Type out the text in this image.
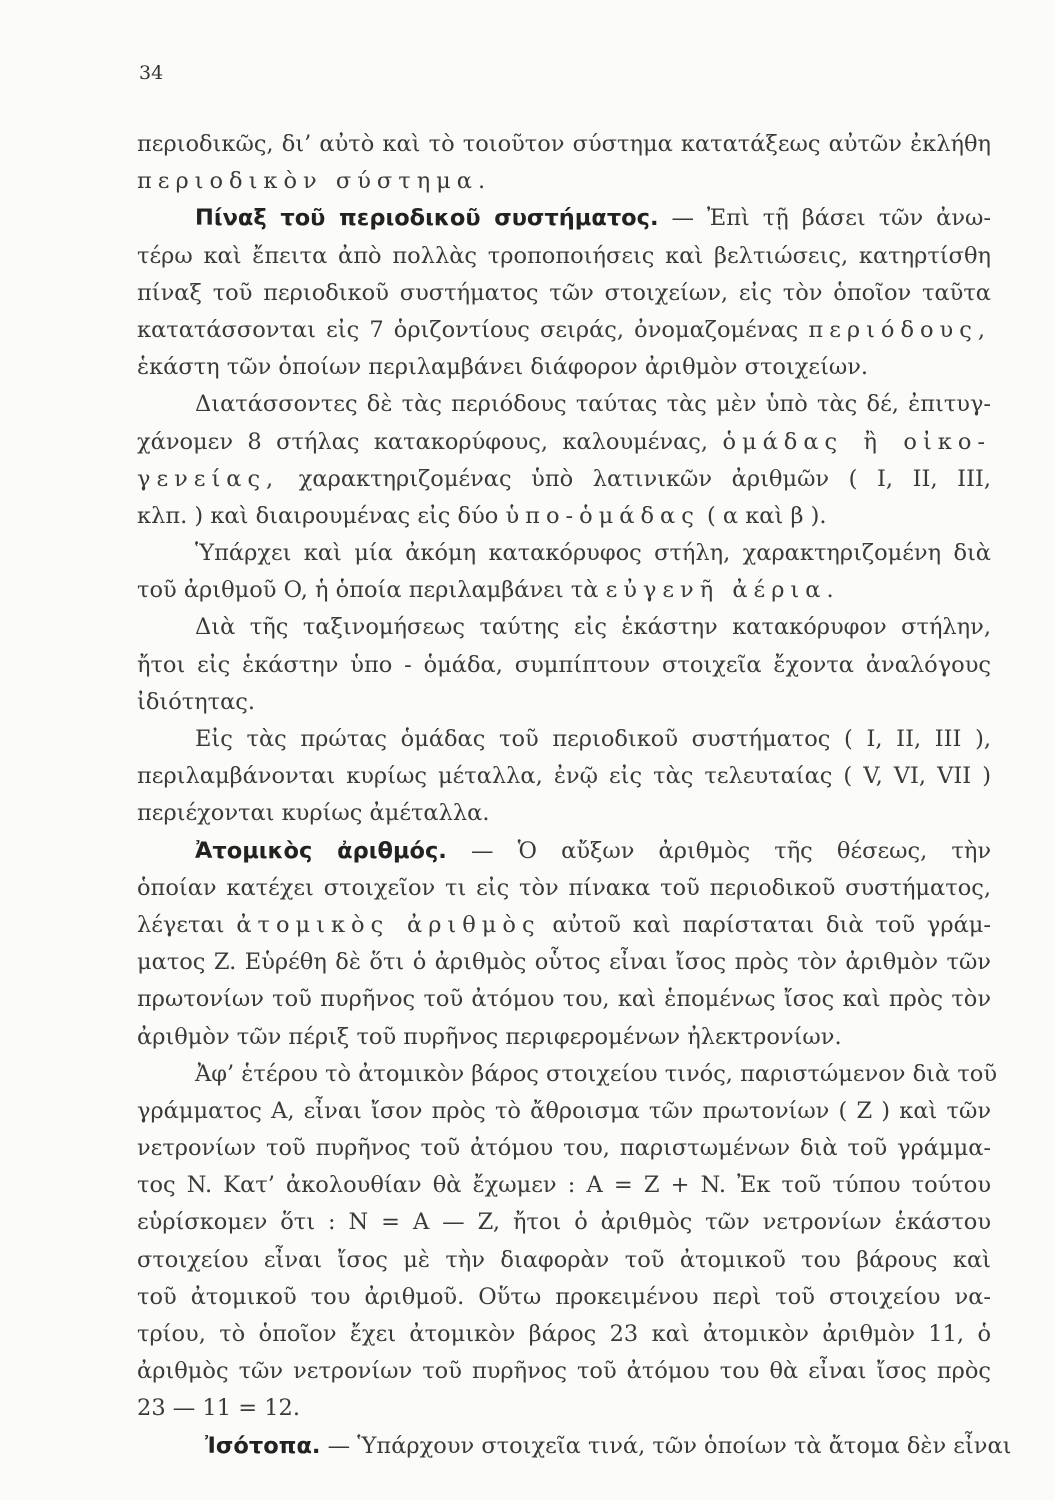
34
περιοδικῶς, δι’ αὐτὸ καὶ τὸ τοιοῦτον σύστημα κατατάξεως αὐτῶν ἐκλήθη
περιοδικὸν σύστημα.
Πίναξ τοῦ περιοδικοῦ συστήματος. — Ἐπὶ τῇ βάσει τῶν ἀνω-
τέρω καὶ ἔπειτα ἀπὸ πολλὰς τροποποιήσεις καὶ βελτιώσεις, κατηρτίσθη
πίναξ τοῦ περιοδικοῦ συστήματος τῶν στοιχείων, εἰς τὸν ὁποῖον ταῦτα
κατατάσσονται εἰς 7 ὁριζοντίους σειράς, ὀνομαζομένας περιόδους,
ἑκάστη τῶν ὁποίων περιλαμβάνει διάφορον ἀριθμὸν στοιχείων.
Διατάσσοντες δὲ τὰς περιόδους ταύτας τὰς μὲν ὑπὸ τὰς δέ, ἐπιτυγ-
χάνομεν 8 στήλας κατακορύφους, καλουμένας, ὁμάδας ἢ οἰκο-
γενείας, χαρακτηριζομένας ὑπὸ λατινικῶν ἀριθμῶν ( I, II, III,
κλπ. ) καὶ διαιρουμένας εἰς δύο ὑπο-ὁμάδας ( α καὶ β ).
Ὑπάρχει καὶ μία ἀκόμη κατακόρυφος στήλη, χαρακτηριζομένη διὰ
τοῦ ἀριθμοῦ O, ἡ ὁποία περιλαμβάνει τὰ εὐγενῆ ἀέρια.
Διὰ τῆς ταξινομήσεως ταύτης εἰς ἑκάστην κατακόρυφον στήλην,
ἤτοι εἰς ἑκάστην ὑπο - ὁμάδα, συμπίπτουν στοιχεῖα ἔχοντα ἀναλόγους
ἰδιότητας.
Εἰς τὰς πρώτας ὁμάδας τοῦ περιοδικοῦ συστήματος ( I, II, III ),
περιλαμβάνονται κυρίως μέταλλα, ἐνῷ εἰς τὰς τελευταίας ( V, VI, VII )
περιέχονται κυρίως ἀμέταλλα.
Ἀτομικὸς ἀριθμός. — Ὁ αὔξων ἀριθμὸς τῆς θέσεως, τὴν
ὁποίαν κατέχει στοιχεῖον τι εἰς τὸν πίνακα τοῦ περιοδικοῦ συστήματος,
λέγεται ἀτομικὸς ἀριθμὸς αὐτοῦ καὶ παρίσταται διὰ τοῦ γράμ-
ματος Z. Εὑρέθη δὲ ὅτι ὁ ἀριθμὸς οὗτος εἶναι ἴσος πρὸς τὸν ἀριθμὸν τῶν
πρωτονίων τοῦ πυρῆνος τοῦ ἀτόμου του, καὶ ἑπομένως ἴσος καὶ πρὸς τὸν
ἀριθμὸν τῶν πέριξ τοῦ πυρῆνος περιφερομένων ἠλεκτρονίων.
Ἀφ’ ἑτέρου τὸ ἀτομικὸν βάρος στοιχείου τινός, παριστώμενον διὰ τοῦ
γράμματος A, εἶναι ἴσον πρὸς τὸ ἄθροισμα τῶν πρωτονίων ( Z ) καὶ τῶν
νετρονίων τοῦ πυρῆνος τοῦ ἀτόμου του, παριστωμένων διὰ τοῦ γράμμα-
τος N. Κατ’ ἀκολουθίαν θὰ ἔχωμεν : A = Z + N. Ἐκ τοῦ τύπου τούτου
εὑρίσκομεν ὅτι : N = A — Z, ἤτοι ὁ ἀριθμὸς τῶν νετρονίων ἑκάστου
στοιχείου εἶναι ἴσος μὲ τὴν διαφορὰν τοῦ ἀτομικοῦ του βάρους καὶ
τοῦ ἀτομικοῦ του ἀριθμοῦ. Οὕτω προκειμένου περὶ τοῦ στοιχείου να-
τρίου, τὸ ὁποῖον ἔχει ἀτομικὸν βάρος 23 καὶ ἀτομικὸν ἀριθμὸν 11, ὁ
ἀριθμὸς τῶν νετρονίων τοῦ πυρῆνος τοῦ ἀτόμου του θὰ εἶναι ἴσος πρὸς
23 — 11 = 12.
Ἰσότοπα. — Ὑπάρχουν στοιχεῖα τινά, τῶν ὁποίων τὰ ἄτομα δὲν εἶναι
